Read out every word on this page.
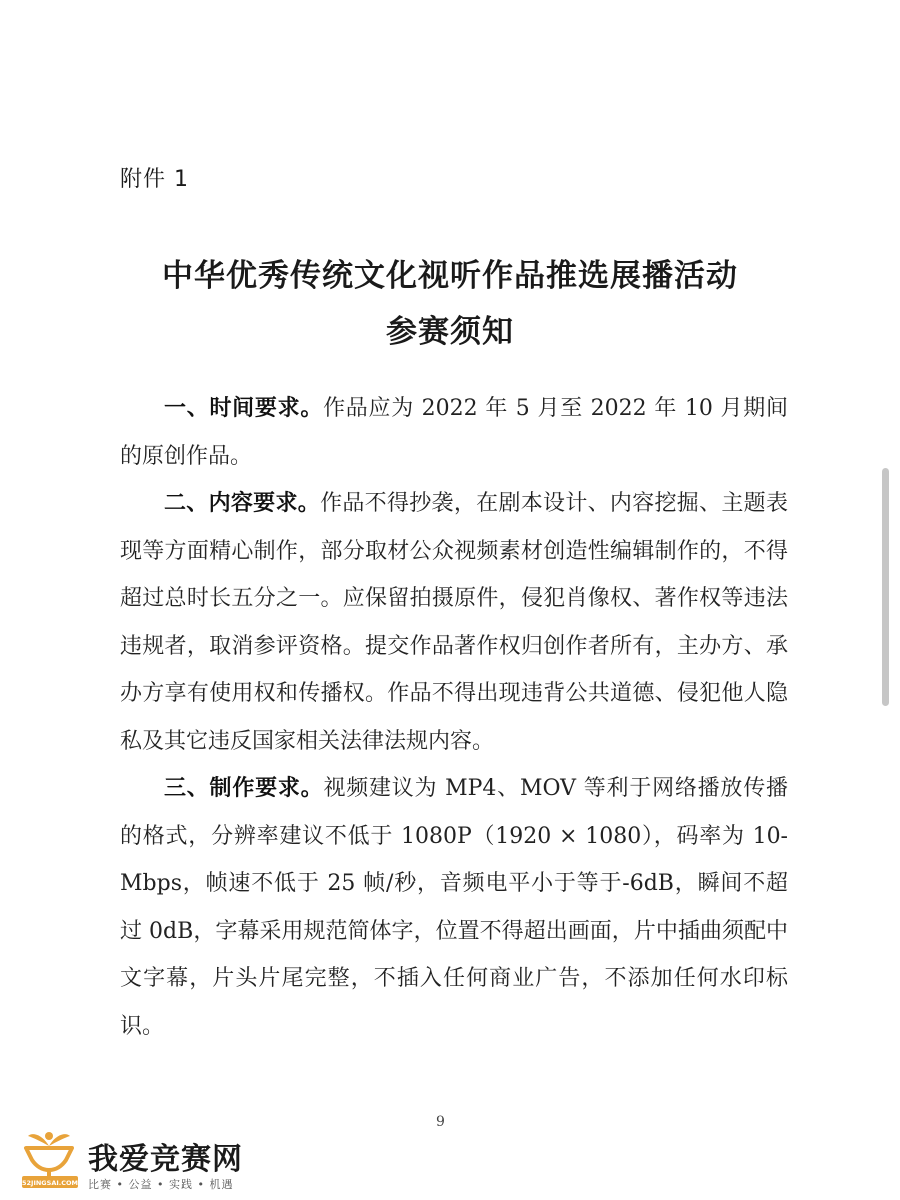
附件 1
中华优秀传统文化视听作品推选展播活动
参赛须知

一、时间要求。作品应为 2022 年 5 月至 2022 年 10 月期间的原创作品。

二、内容要求。作品不得抄袭，在剧本设计、内容挖掘、主题表现等方面精心制作，部分取材公众视频素材创造性编辑制作的，不得超过总时长五分之一。应保留拍摄原件，侵犯肖像权、著作权等违法违规者，取消参评资格。提交作品著作权归创作者所有，主办方、承办方享有使用权和传播权。作品不得出现违背公共道德、侵犯他人隐私及其它违反国家相关法律法规内容。

三、制作要求。视频建议为 MP4、MOV 等利于网络播放传播的格式，分辨率建议不低于 1080P（1920 × 1080），码率为 10-Mbps，帧速不低于 25 帧/秒，音频电平小于等于-6dB，瞬间不超过 0dB，字幕采用规范简体字，位置不得超出画面，片中插曲须配中文字幕，片头片尾完整，不插入任何商业广告，不添加任何水印标识。

9
52JINGSAI.COM
我爱竞赛网
比赛 • 公益 • 实践 • 机遇
